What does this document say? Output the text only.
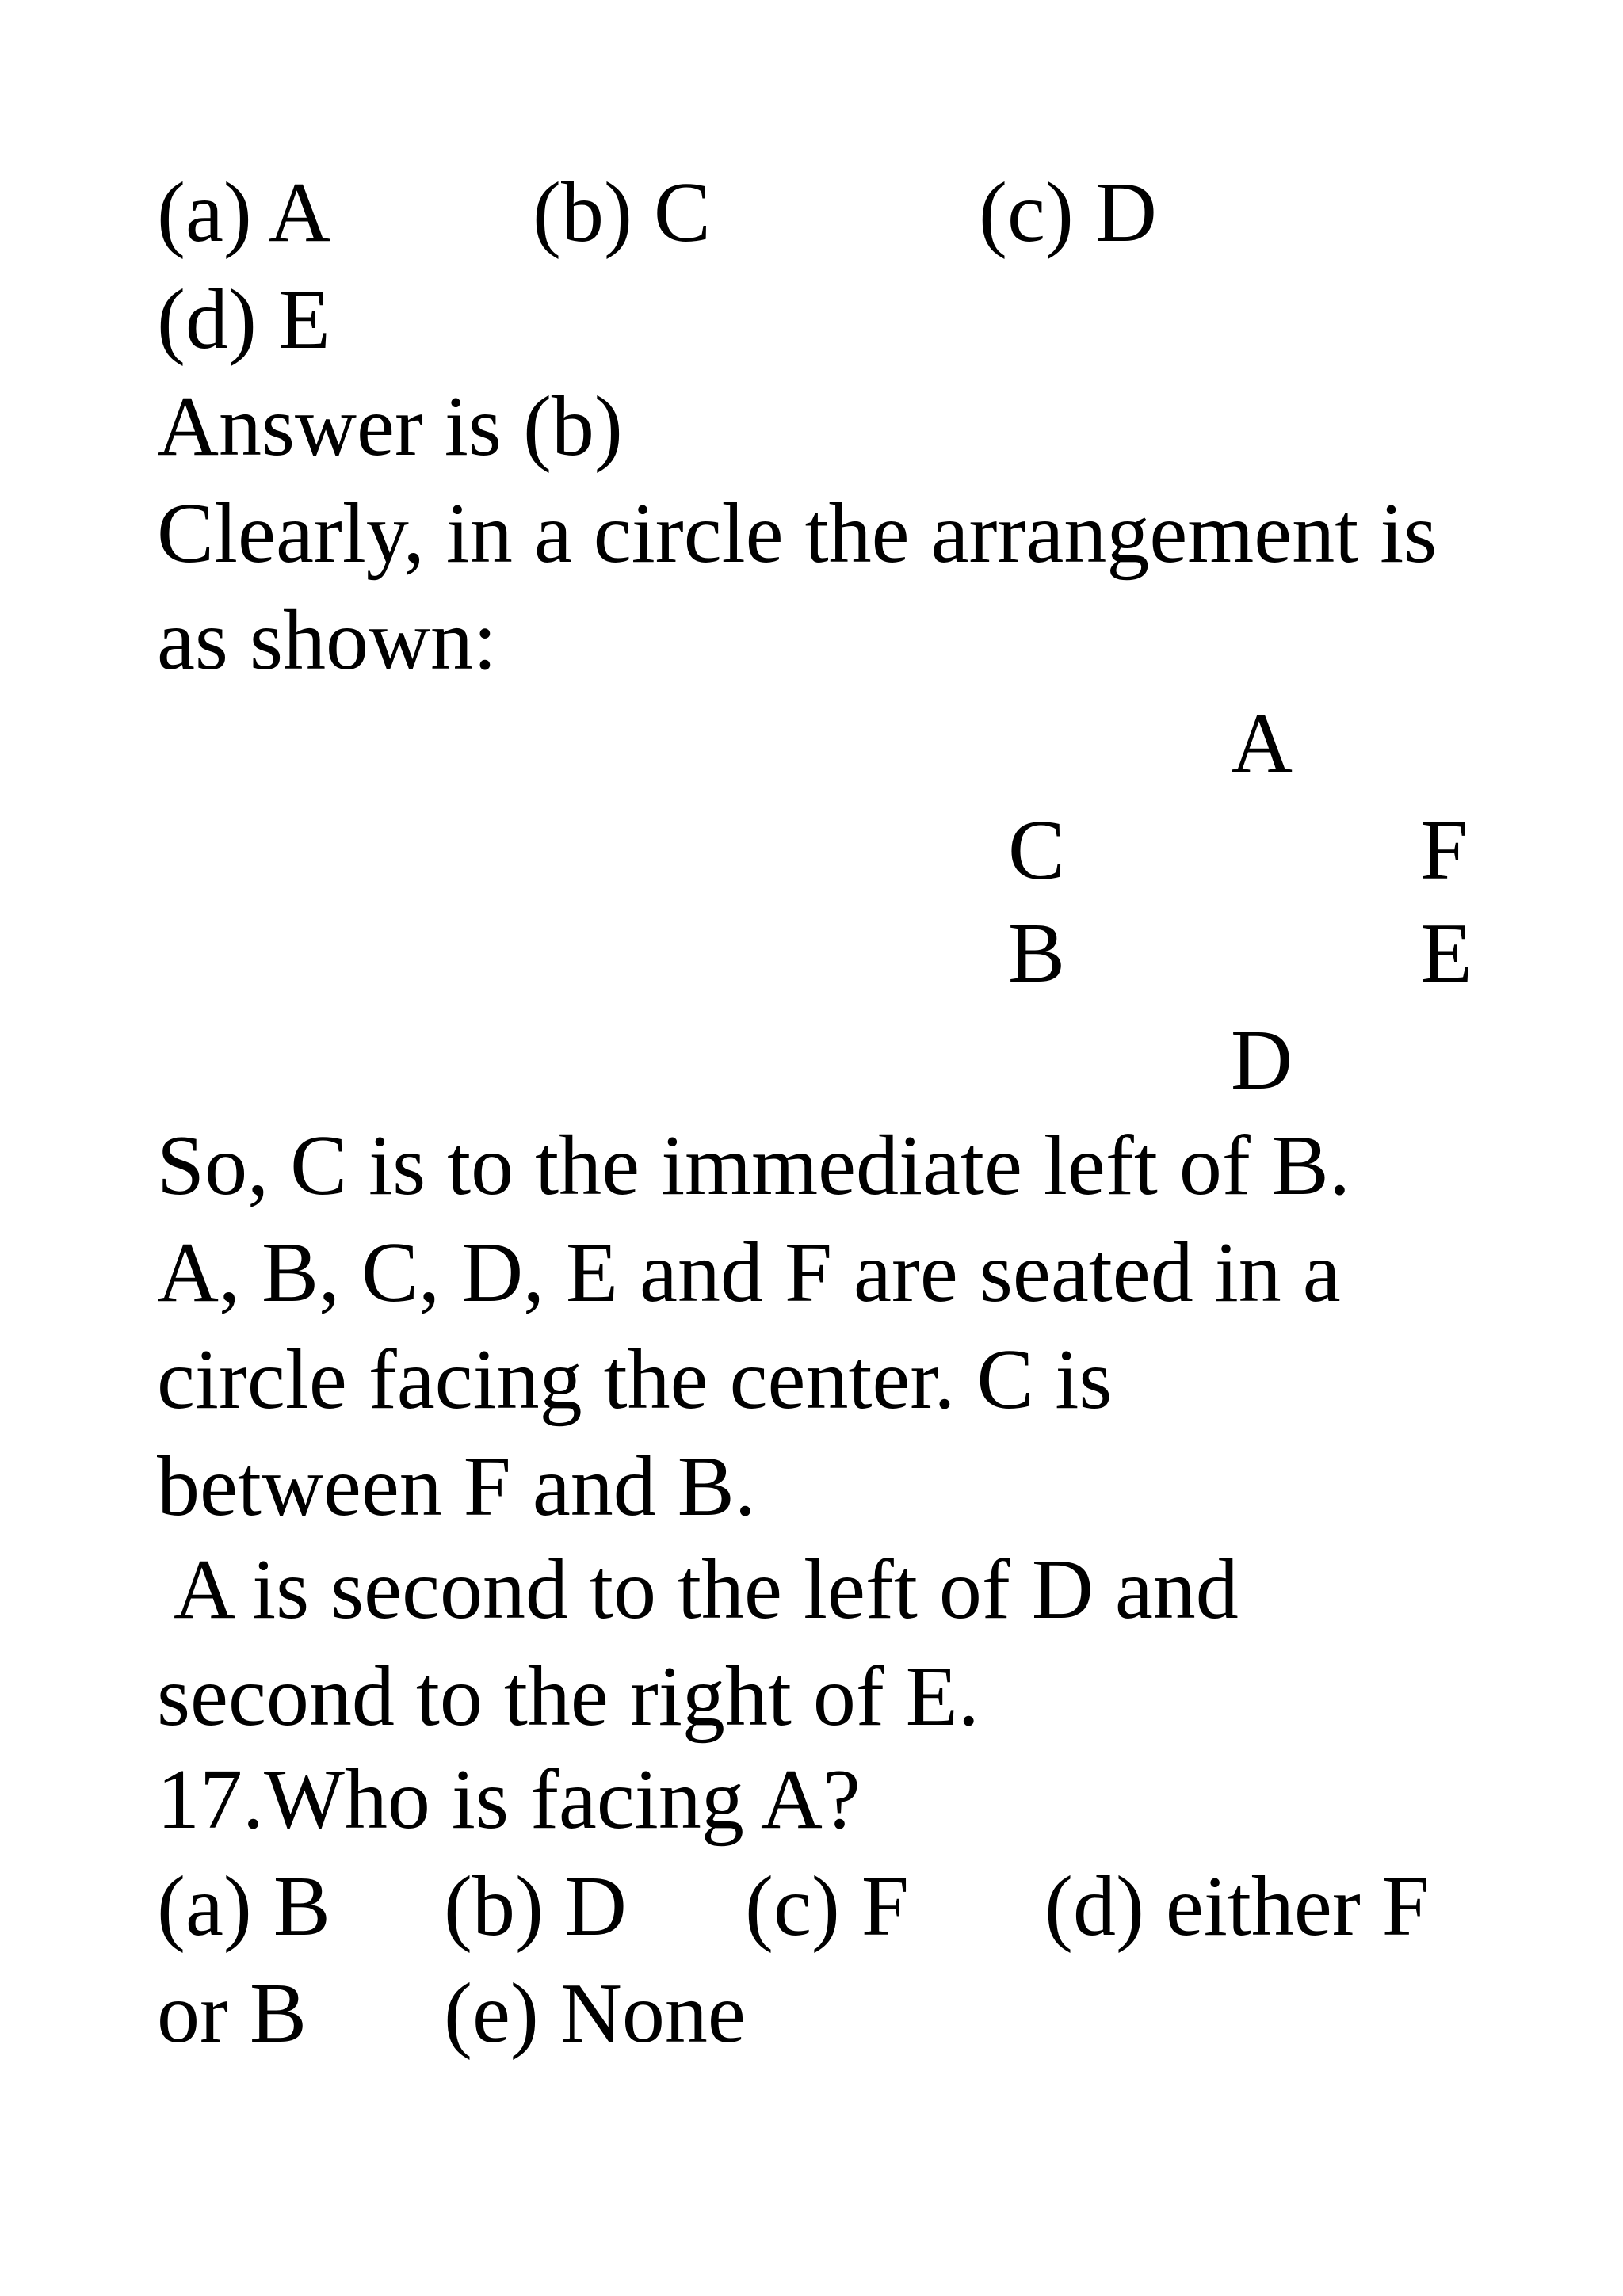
(a) A (b) C	(c) D
(d) E
Answer is (b)
Clearly, in a circle the arrangement is
as shown:
A
C	F
B	E
D
So, C is to the immediate left of B.
A, B, C, D, E and F are seated in a
circle facing the center. C is
between F and B.
A is second to the left of D and
second to the right of E.
17.Who is facing A?
(a) B (b) D (c) F (d) either F
or B (e) None
